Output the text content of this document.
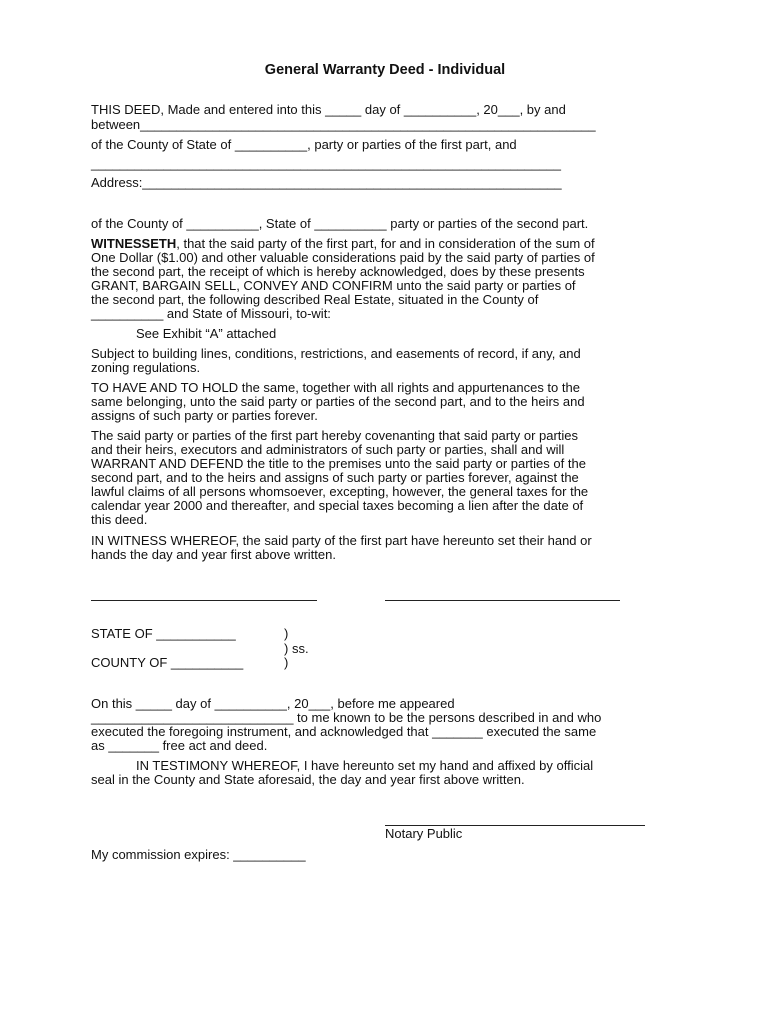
General Warranty Deed - Individual
THIS DEED, Made and entered into this _____ day of __________, 20___, by and
between_______________________________________________________________
of the County of State of __________, party or parties of the first part, and
_________________________________________________________________
Address:__________________________________________________________
of the County of __________, State of __________ party or parties of the second part.
WITNESSETH, that the said party of the first part, for and in consideration of the sum of
One Dollar ($1.00) and other valuable considerations paid by the said party of parties of
the second part, the receipt of which is hereby acknowledged, does by these presents
GRANT, BARGAIN SELL, CONVEY AND CONFIRM unto the said party or parties of
the second part, the following described Real Estate, situated in the County of
__________ and State of Missouri, to-wit:
See Exhibit “A” attached
Subject to building lines, conditions, restrictions, and easements of record, if any, and
zoning regulations.
TO HAVE AND TO HOLD the same, together with all rights and appurtenances to the
same belonging, unto the said party or parties of the second part, and to the heirs and
assigns of such party or parties forever.
The said party or parties of the first part hereby covenanting that said party or parties
and their heirs, executors and administrators of such party or parties, shall and will
WARRANT AND DEFEND the title to the premises unto the said party or parties of the
second part, and to the heirs and assigns of such party or parties forever, against the
lawful claims of all persons whomsoever, excepting, however, the general taxes for the
calendar year 2000 and thereafter, and special taxes becoming a lien after the date of
this deed.
IN WITNESS WHEREOF, the said party of the first part have hereunto set their hand or
hands the day and year first above written.
STATE OF ___________	)
) ss.
COUNTY OF __________	)
On this _____ day of __________, 20___, before me appeared
____________________________ to me known to be the persons described in and who
executed the foregoing instrument, and acknowledged that _______ executed the same
as _______ free act and deed.
IN TESTIMONY WHEREOF, I have hereunto set my hand and affixed by official
seal in the County and State aforesaid, the day and year first above written.
Notary Public
My commission expires: __________
